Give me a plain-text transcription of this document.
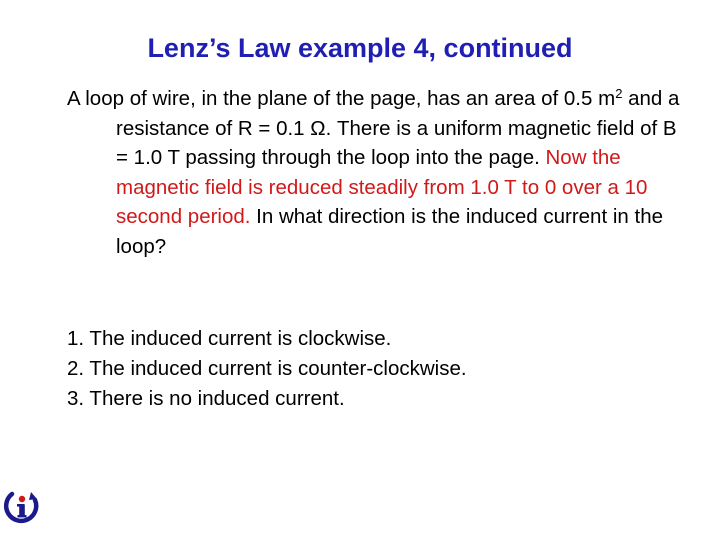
Lenz’s Law example 4, continued

A loop of wire, in the plane of the page, has an area of 0.5 $m^2$ and a resistance of R = 0.1 Ω. There is a uniform magnetic field of B = 1.0 T passing through the loop into the page. Now the magnetic field is reduced steadily from 1.0 T to 0 over a 10 second period. In what direction is the induced current in the loop?

1. The induced current is clockwise.
2. The induced current is counter-clockwise.
3. There is no induced current.
